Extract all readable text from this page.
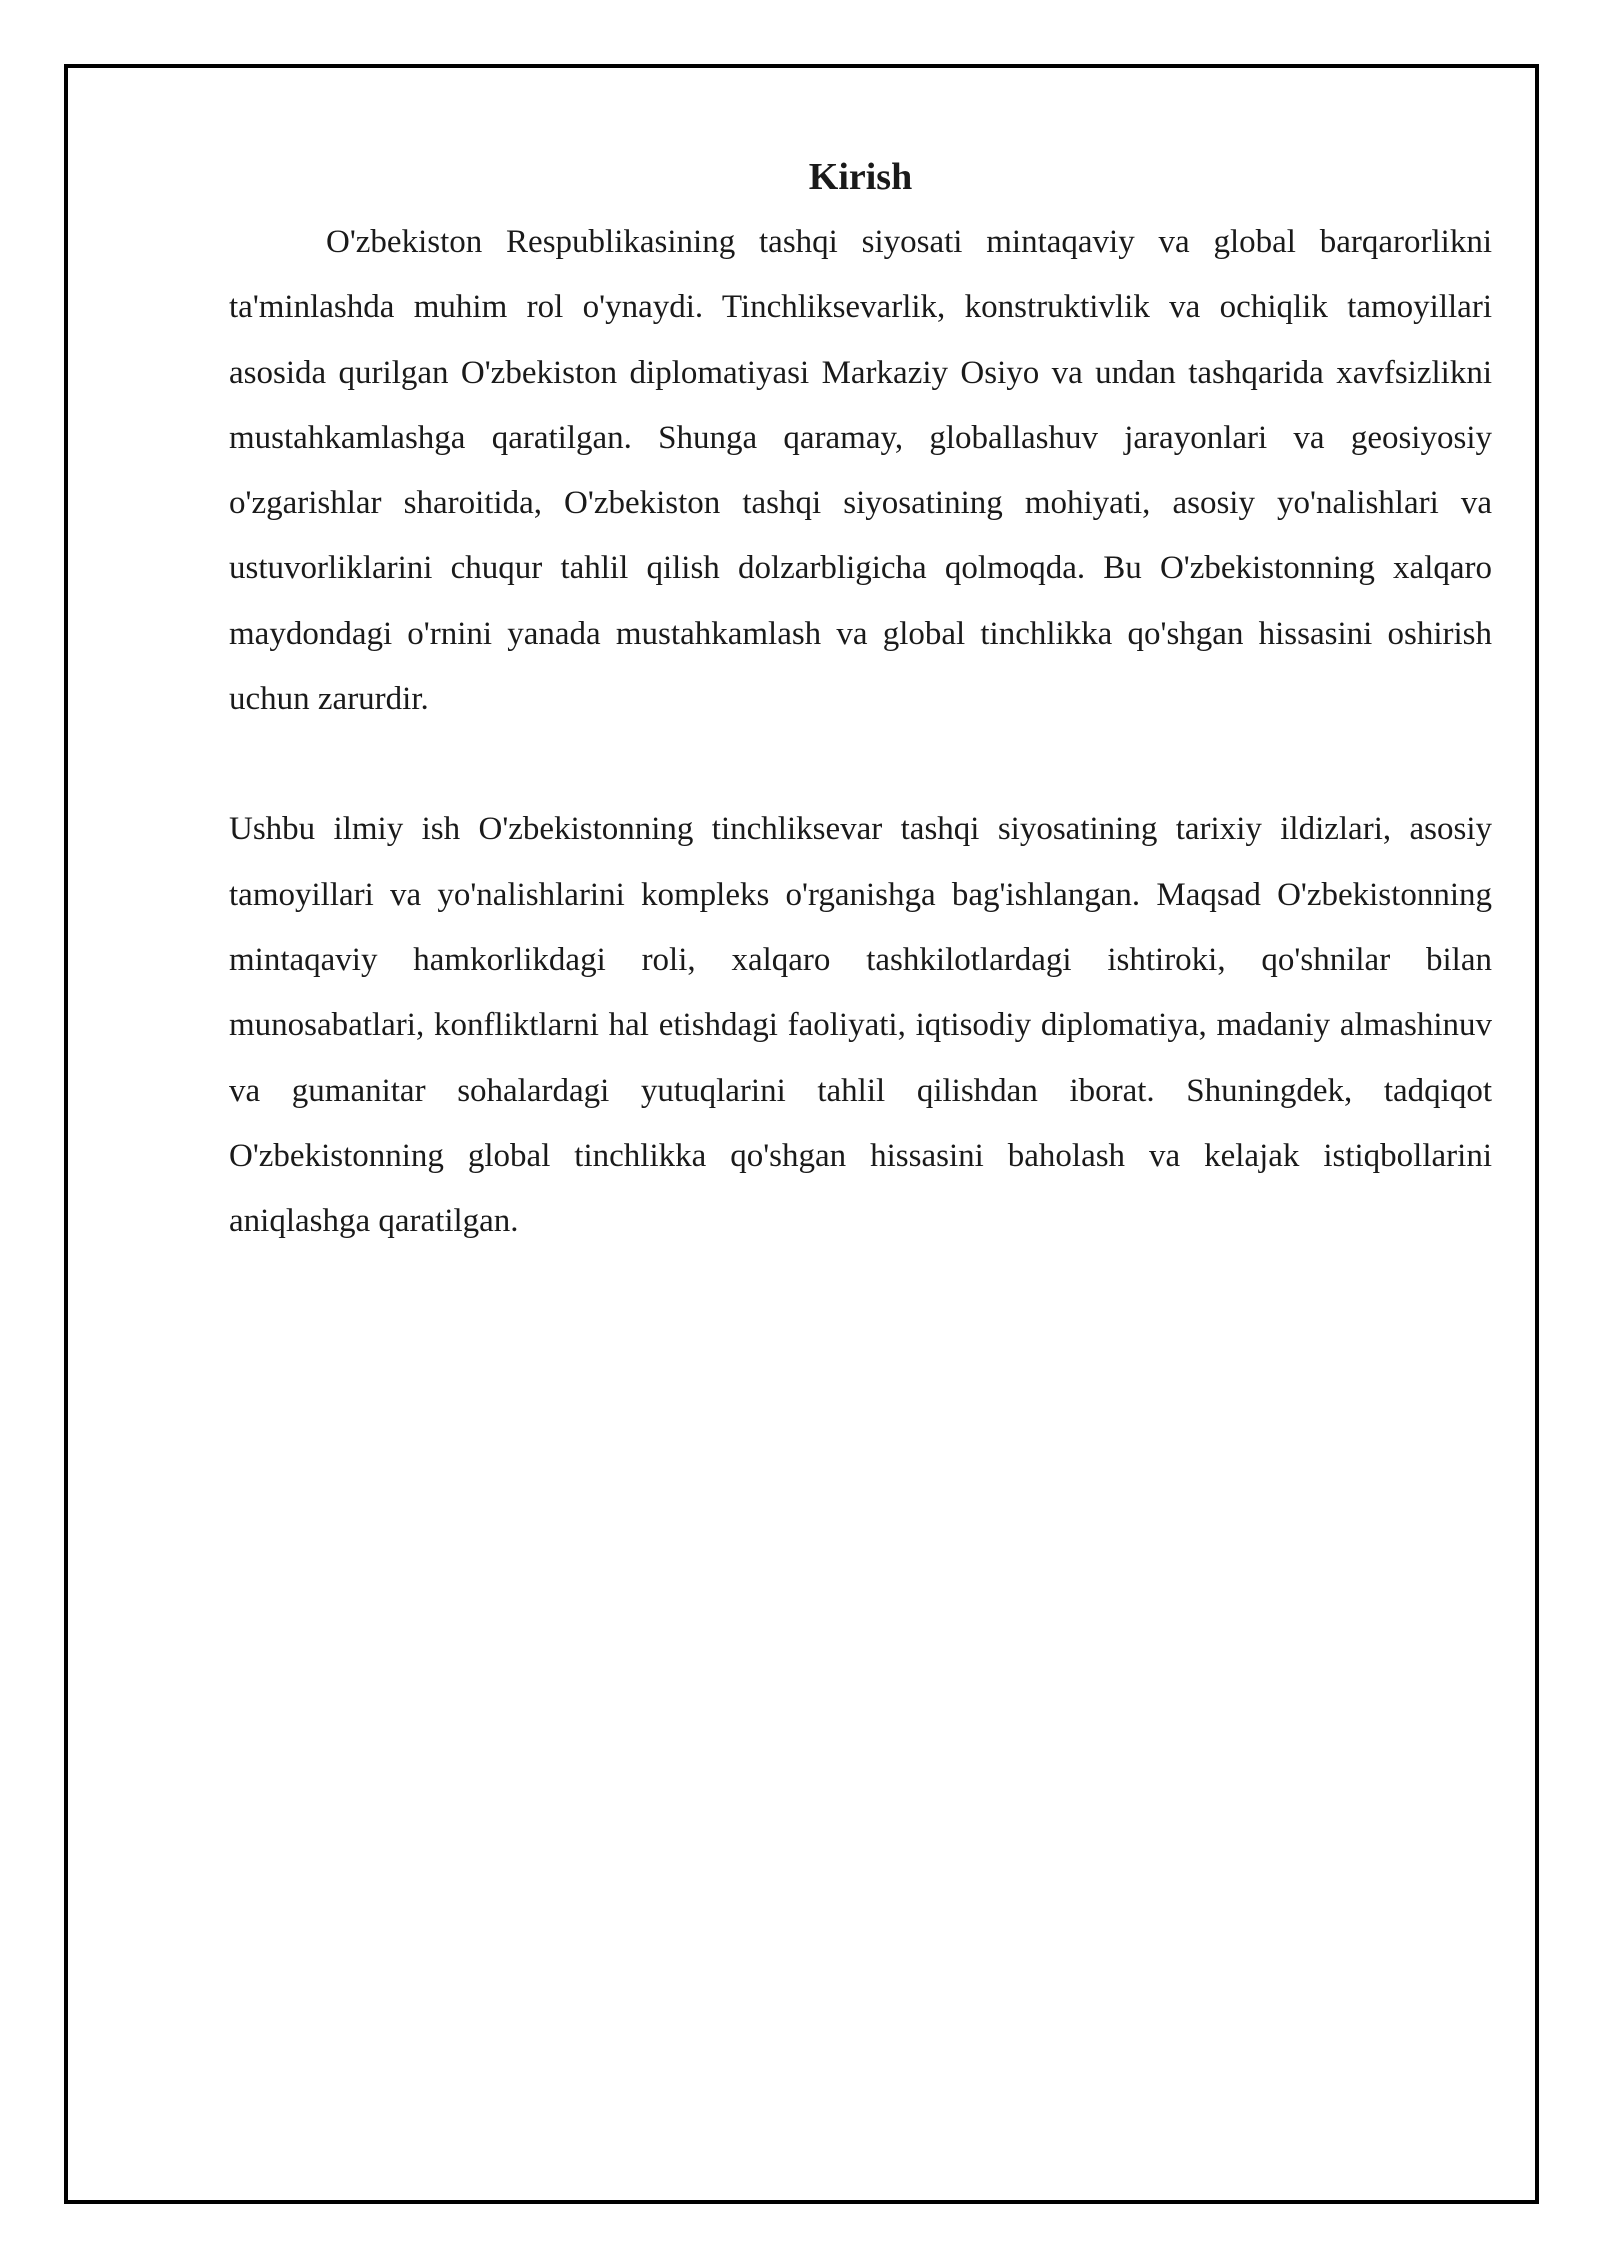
Kirish

O'zbekiston Respublikasining tashqi siyosati mintaqaviy va global barqarorlikni ta'minlashda muhim rol o'ynaydi. Tinchliksevarlik, konstruktivlik va ochiqlik tamoyillari asosida qurilgan O'zbekiston diplomatiyasi Markaziy Osiyo va undan tashqarida xavfsizlikni mustahkamlashga qaratilgan. Shunga qaramay, globallashuv jarayonlari va geosiyosiy o'zgarishlar sharoitida, O'zbekiston tashqi siyosatining mohiyati, asosiy yo'nalishlari va ustuvorliklarini chuqur tahlil qilish dolzarbligicha qolmoqda. Bu O'zbekistonning xalqaro maydondagi o'rnini yanada mustahkamlash va global tinchlikka qo'shgan hissasini oshirish uchun zarurdir.

Ushbu ilmiy ish O'zbekistonning tinchliksevar tashqi siyosatining tarixiy ildizlari, asosiy tamoyillari va yo'nalishlarini kompleks o'rganishga bag'ishlangan. Maqsad O'zbekistonning mintaqaviy hamkorlikdagi roli, xalqaro tashkilotlardagi ishtiroki, qo'shnilar bilan munosabatlari, konfliktlarni hal etishdagi faoliyati, iqtisodiy diplomatiya, madaniy almashinuv va gumanitar sohalardagi yutuqlarini tahlil qilishdan iborat. Shuningdek, tadqiqot O'zbekistonning global tinchlikka qo'shgan hissasini baholash va kelajak istiqbollarini aniqlashga qaratilgan.
